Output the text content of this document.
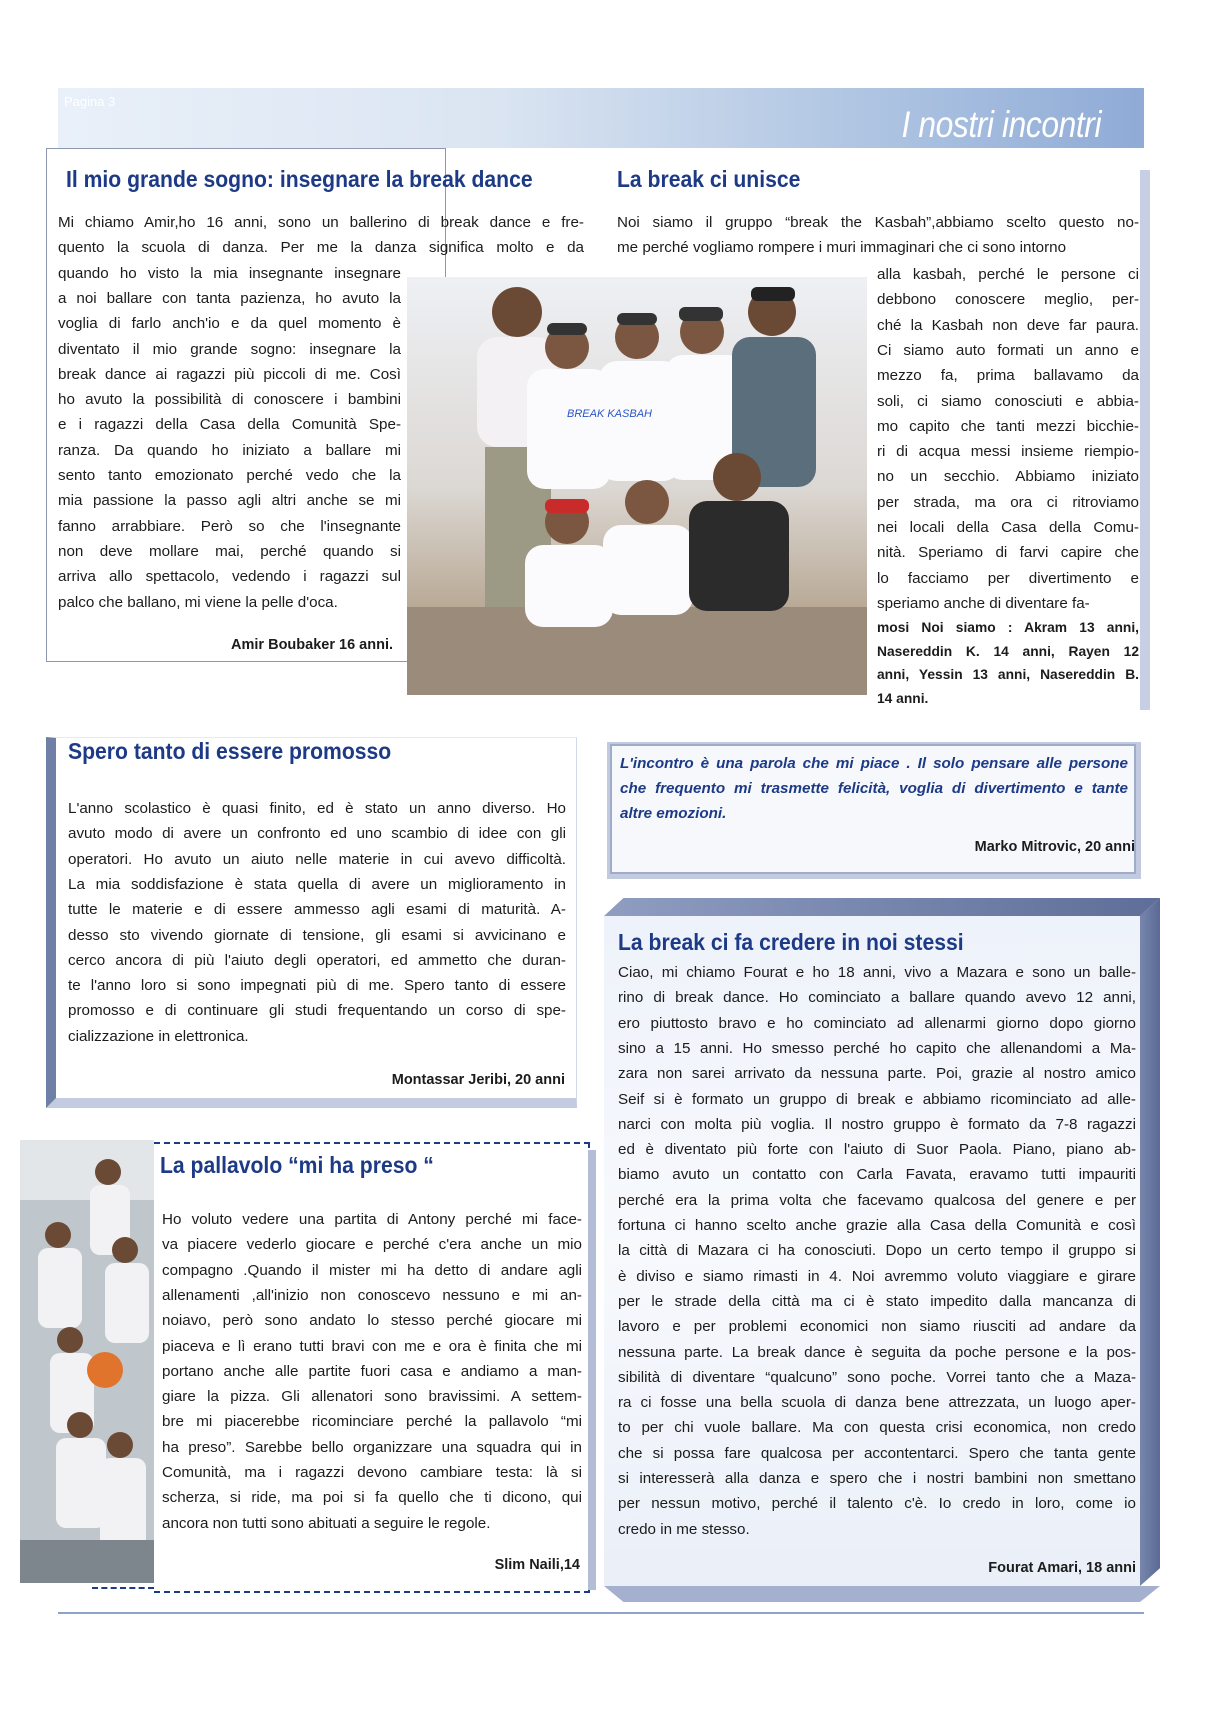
Pagina 3
I nostri incontri
Il mio grande sogno: insegnare la break dance
Mi chiamo Amir,ho 16 anni, sono un ballerino di break dance e fre-
quento la scuola di danza. Per me la danza significa molto e da
quando ho visto la mia insegnante insegnare
a noi ballare con tanta pazienza, ho avuto la
voglia di farlo anch'io e da quel momento è
diventato il mio grande sogno: insegnare la
break dance ai ragazzi più piccoli di me. Così
ho avuto la possibilità di conoscere i bambini
e i ragazzi della Casa della Comunità Spe-
ranza. Da quando ho iniziato a ballare mi
sento tanto emozionato perché vedo che la
mia passione la passo agli altri anche se mi
fanno arrabbiare. Però so che l'insegnante
non deve mollare mai, perché quando si
arriva allo spettacolo, vedendo i ragazzi sul
palco che ballano, mi viene la pelle d'oca.
Amir Boubaker 16 anni.
BREAK KASBAH
La break ci unisce
Noi siamo il gruppo “break the Kasbah”,abbiamo scelto questo no-
me perché vogliamo rompere i muri immaginari che ci sono intorno
alla kasbah, perché le persone ci
debbono conoscere meglio, per-
ché la Kasbah non deve far paura.
Ci siamo auto formati un anno e
mezzo fa, prima ballavamo da
soli, ci siamo conosciuti e abbia-
mo capito che tanti mezzi bicchie-
ri di acqua messi insieme riempio-
no un secchio. Abbiamo iniziato
per strada, ma ora ci ritroviamo
nei locali della Casa della Comu-
nità. Speriamo di farvi capire che
lo facciamo per divertimento e
speriamo anche di diventare fa-
mosi Noi siamo : Akram 13 anni,
Nasereddin K. 14 anni, Rayen 12
anni, Yessin 13 anni, Nasereddin B.
14 anni.
Spero tanto di essere promosso
L'anno scolastico è quasi finito, ed è stato un anno diverso. Ho
avuto modo di avere un confronto ed uno scambio di idee con gli
operatori. Ho avuto un aiuto nelle materie in cui avevo difficoltà.
La mia soddisfazione è stata quella di avere un miglioramento in
tutte le materie e di essere ammesso agli esami di maturità. A-
desso sto vivendo giornate di tensione, gli esami si avvicinano e
cerco ancora di più l'aiuto degli operatori, ed ammetto che duran-
te l'anno loro si sono impegnati più di me. Spero tanto di essere
promosso e di continuare gli studi frequentando un corso di spe-
cializzazione in elettronica.
Montassar Jeribi, 20 anni
L'incontro è una parola che mi piace . Il solo pensare alle persone
che frequento mi trasmette felicità, voglia di divertimento e tante
altre emozioni.
Marko Mitrovic, 20 anni
La break ci fa credere in noi stessi
Ciao, mi chiamo Fourat e ho 18 anni, vivo a Mazara e sono un balle-
rino di break dance. Ho cominciato a ballare quando avevo 12 anni,
ero piuttosto bravo e ho cominciato ad allenarmi giorno dopo giorno
sino a 15 anni. Ho smesso perché ho capito che allenandomi a Ma-
zara non sarei arrivato da nessuna parte. Poi, grazie al nostro amico
Seif si è formato un gruppo di break e abbiamo ricominciato ad alle-
narci con molta più voglia. Il nostro gruppo è formato da 7-8 ragazzi
ed è diventato più forte con l'aiuto di Suor Paola. Piano, piano ab-
biamo avuto un contatto con Carla Favata, eravamo tutti impauriti
perché era la prima volta che facevamo qualcosa del genere e per
fortuna ci hanno scelto anche grazie alla Casa della Comunità e così
la città di Mazara ci ha conosciuti. Dopo un certo tempo il gruppo si
è diviso e siamo rimasti in 4. Noi avremmo voluto viaggiare e girare
per le strade della città ma ci è stato impedito dalla mancanza di
lavoro e per problemi economici non siamo riusciti ad andare da
nessuna parte. La break dance è seguita da poche persone e la pos-
sibilità di diventare “qualcuno” sono poche. Vorrei tanto che a Maza-
ra ci fosse una bella scuola di danza bene attrezzata, un luogo aper-
to per chi vuole ballare. Ma con questa crisi economica, non credo
che si possa fare qualcosa per accontentarci. Spero che tanta gente
si interesserà alla danza e spero che i nostri bambini non smettano
per nessun motivo, perché il talento c'è. Io credo in loro, come io
credo in me stesso.
Fourat Amari, 18 anni
La pallavolo “mi ha preso “
Ho voluto vedere una partita di Antony perché mi face-
va piacere vederlo giocare e perché c'era anche un mio
compagno .Quando il mister mi ha detto di andare agli
allenamenti ,all'inizio non conoscevo nessuno e mi an-
noiavo, però sono andato lo stesso perché giocare mi
piaceva e lì erano tutti bravi con me e ora è finita che mi
portano anche alle partite fuori casa e andiamo a man-
giare la pizza. Gli allenatori sono bravissimi. A settem-
bre mi piacerebbe ricominciare perché la pallavolo “mi
ha preso”. Sarebbe bello organizzare una squadra qui in
Comunità, ma i ragazzi devono cambiare testa: là si
scherza, si ride, ma poi si fa quello che ti dicono, qui
ancora non tutti sono abituati a seguire le regole.
Slim Naili,14
